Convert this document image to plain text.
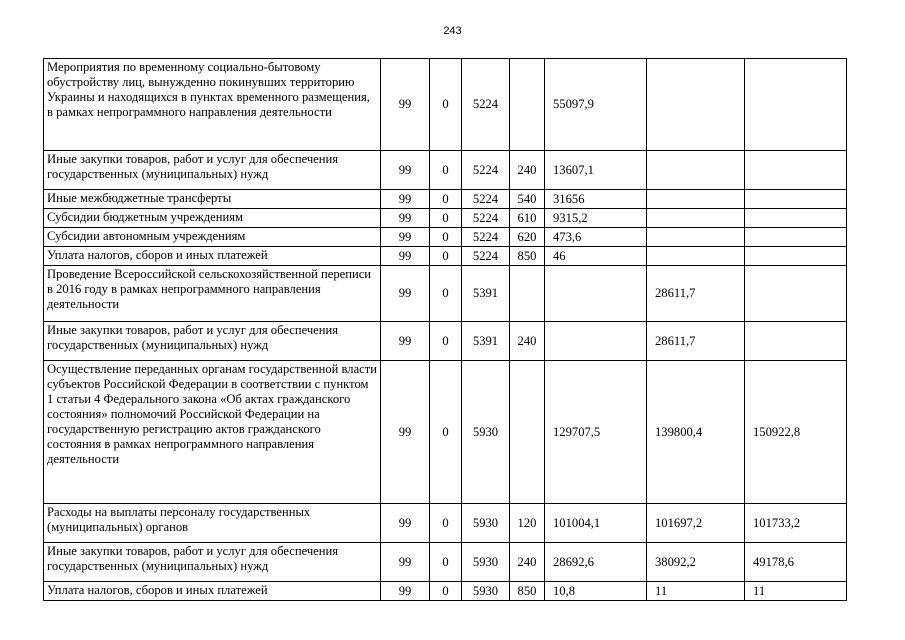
243
Мероприятия по временному социально-бытовому обустройству лиц, вынужденно покинувших территорию Украины и находящихся в пунктах временного размещения, в рамках непрограммного направления деятельности	99	0	5224		55097,9		
Иные закупки товаров, работ и услуг для обеспечения государственных (муниципальных) нужд	99	0	5224	240	13607,1		
Иные межбюджетные трансферты	99	0	5224	540	31656		
Субсидии бюджетным учреждениям	99	0	5224	610	9315,2		
Субсидии автономным учреждениям	99	0	5224	620	473,6		
Уплата налогов, сборов и иных платежей	99	0	5224	850	46		
Проведение Всероссийской сельскохозяйственной переписи в 2016 году в рамках непрограммного направления деятельности	99	0	5391			28611,7	
Иные закупки товаров, работ и услуг для обеспечения государственных (муниципальных) нужд	99	0	5391	240		28611,7	
Осуществление переданных органам государственной власти субъектов Российской Федерации в соответствии с пунктом 1 статьи 4 Федерального закона «Об актах гражданского состояния» полномочий Российской Федерации на государственную регистрацию актов гражданского состояния в рамках непрограммного направления деятельности	99	0	5930		129707,5	139800,4	150922,8
Расходы на выплаты персоналу государственных (муниципальных) органов	99	0	5930	120	101004,1	101697,2	101733,2
Иные закупки товаров, работ и услуг для обеспечения государственных (муниципальных) нужд	99	0	5930	240	28692,6	38092,2	49178,6
Уплата налогов, сборов и иных платежей	99	0	5930	850	10,8	11	11
